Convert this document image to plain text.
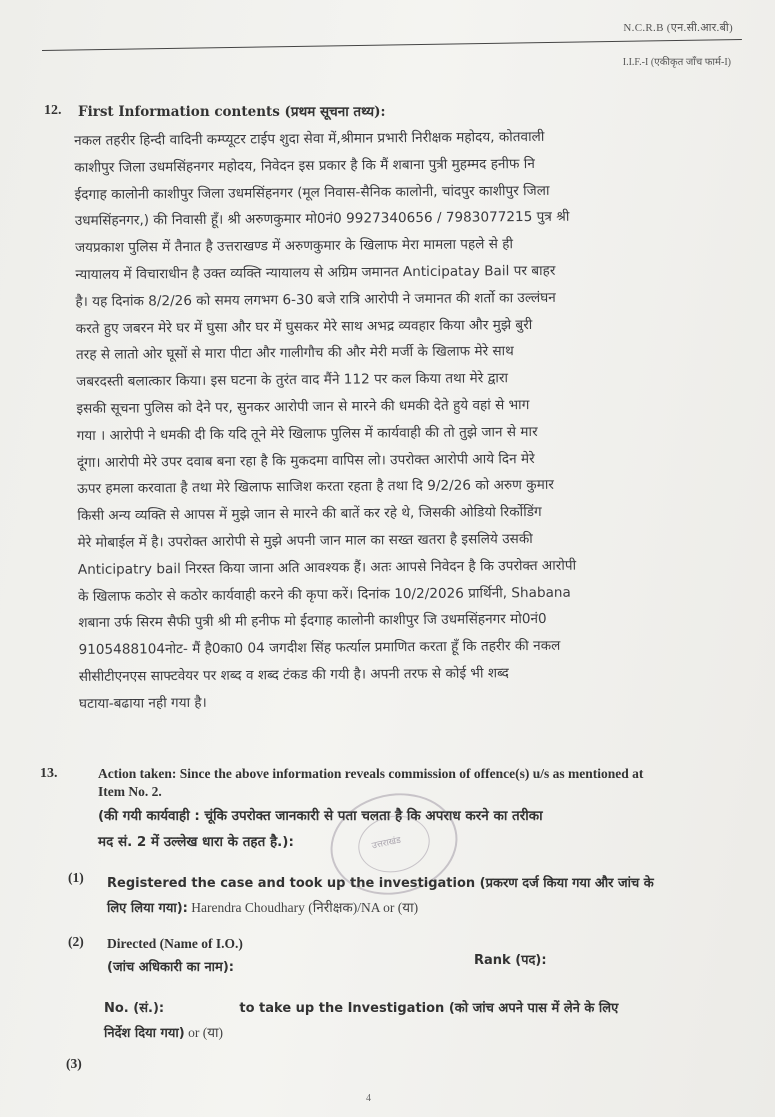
N.C.R.B (एन.सी.आर.बी)
I.I.F.-I (एकीकृत जाँच फार्म-I)
12. First Information contents (प्रथम सूचना तथ्य):
नकल तहरीर हिन्दी वादिनी कम्प्यूटर टाईप शुदा सेवा में,श्रीमान प्रभारी निरीक्षक महोदय, कोतवाली
काशीपुर जिला उधमसिंहनगर महोदय, निवेदन इस प्रकार है कि मैं शबाना पुत्री मुहम्मद हनीफ नि
ईदगाह कालोनी काशीपुर जिला उधमसिंहनगर (मूल निवास-सैनिक कालोनी, चांदपुर काशीपुर जिला
उधमसिंहनगर,) की निवासी हूँ। श्री अरुणकुमार मो0नं0 9927340656 / 7983077215 पुत्र श्री
जयप्रकाश पुलिस में तैनात है उत्तराखण्ड में अरुणकुमार के खिलाफ मेरा मामला पहले से ही
न्यायालय में विचाराधीन है उक्त व्यक्ति न्यायालय से अग्रिम जमानत Anticipatay Bail पर बाहर
है। यह दिनांक 8/2/26 को समय लगभग 6-30 बजे रात्रि आरोपी ने जमानत की शर्तो का उल्लंघन
करते हुए जबरन मेरे घर में घुसा और घर में घुसकर मेरे साथ अभद्र व्यवहार किया और मुझे बुरी
तरह से लातो ओर घूसों से मारा पीटा और गालीगौच की और मेरी मर्जी के खिलाफ मेरे साथ
जबरदस्ती बलात्कार किया। इस घटना के तुरंत वाद मैंने 112 पर कल किया तथा मेरे द्वारा
इसकी सूचना पुलिस को देने पर, सुनकर आरोपी जान से मारने की धमकी देते हुये वहां से भाग
गया । आरोपी ने धमकी दी कि यदि तूने मेरे खिलाफ पुलिस में कार्यवाही की तो तुझे जान से मार
दूंगा। आरोपी मेरे उपर दवाब बना रहा है कि मुकदमा वापिस लो। उपरोक्त आरोपी आये दिन मेरे
ऊपर हमला करवाता है तथा मेरे खिलाफ साजिश करता रहता है तथा दि 9/2/26 को अरुण कुमार
किसी अन्य व्यक्ति से आपस में मुझे जान से मारने की बातें कर रहे थे, जिसकी ओडियो रिर्कोडिंग
मेरे मोबाईल में है। उपरोक्त आरोपी से मुझे अपनी जान माल का सख्त खतरा है इसलिये उसकी
Anticipatry bail निरस्त किया जाना अति आवश्यक हैं। अतः आपसे निवेदन है कि उपरोक्त आरोपी
के खिलाफ कठोर से कठोर कार्यवाही करने की कृपा करें। दिनांक 10/2/2026 प्रार्थिनी, Shabana
शबाना उर्फ सिरम सैफी पुत्री श्री मी हनीफ मो ईदगाह कालोनी काशीपुर जि उधमसिंहनगर मो0नं0
9105488104नोट- मैं है0का0 04 जगदीश सिंह फर्त्याल प्रमाणित करता हूँ कि तहरीर की नकल
सीसीटीएनएस साफ्टवेयर पर शब्द व शब्द टंकड की गयी है। अपनी तरफ से कोई भी शब्द
घटाया-बढाया नही गया है।
13.	Action taken: Since the above information reveals commission of offence(s) u/s as mentioned at Item No. 2.
(की गयी कार्यवाही : चूंकि उपरोक्त जानकारी से पता चलता है कि अपराध करने का तरीका
मद सं. 2 में उल्लेख धारा के तहत है.):	उत्तराखंड
(1) Registered the case and took up the investigation (प्रकरण दर्ज किया गया और जांच के
लिए लिया गया): Harendra Choudhary (निरीक्षक)/NA or (या)
(2) Directed (Name of I.O.)
(जांच अधिकारी का नाम):	Rank (पद):
No. (सं.):	to take up the Investigation (को जांच अपने पास में लेने के लिए
निर्देश दिया गया) or (या)
(3)
4
